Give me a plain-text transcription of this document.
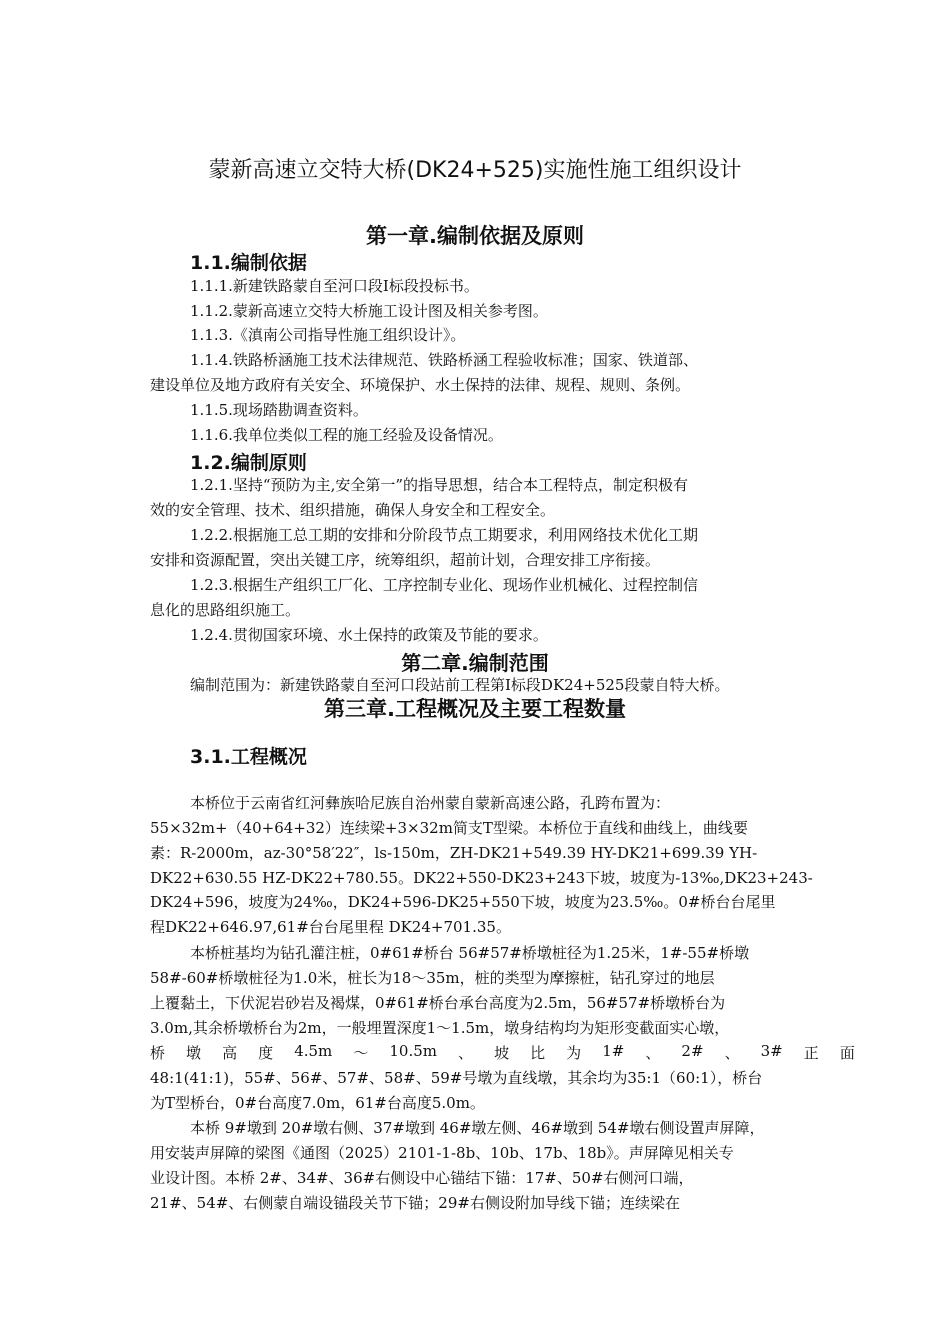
蒙新高速立交特大桥(DK24+525)实施性施工组织设计
第一章.编制依据及原则
1.1.编制依据
1.1.1.新建铁路蒙自至河口段Ⅰ标段投标书。
1.1.2.蒙新高速立交特大桥施工设计图及相关参考图。
1.1.3.《滇南公司指导性施工组织设计》。
1.1.4.铁路桥涵施工技术法律规范、铁路桥涵工程验收标准；国家、铁道部、
建设单位及地方政府有关安全、环境保护、水土保持的法律、规程、规则、条例。
1.1.5.现场踏勘调查资料。
1.1.6.我单位类似工程的施工经验及设备情况。
1.2.编制原则
1.2.1.坚持“预防为主,安全第一”的指导思想，结合本工程特点，制定积极有
效的安全管理、技术、组织措施，确保人身安全和工程安全。
1.2.2.根据施工总工期的安排和分阶段节点工期要求，利用网络技术优化工期
安排和资源配置，突出关键工序，统筹组织，超前计划，合理安排工序衔接。
1.2.3.根据生产组织工厂化、工序控制专业化、现场作业机械化、过程控制信
息化的思路组织施工。
1.2.4.贯彻国家环境、水土保持的政策及节能的要求。
第二章.编制范围
编制范围为：新建铁路蒙自至河口段站前工程第Ⅰ标段DK24+525段蒙自特大桥。
第三章.工程概况及主要工程数量
3.1.工程概况
本桥位于云南省红河彝族哈尼族自治州蒙自蒙新高速公路，孔跨布置为：
55×32m+（40+64+32）连续梁+3×32m简支T型梁。本桥位于直线和曲线上，曲线要
素：R-2000m，az-30°58′22″，ls-150m，ZH-DK21+549.39 HY-DK21+699.39 YH-
DK22+630.55 HZ-DK22+780.55。DK22+550-DK23+243下坡，坡度为-13‰,DK23+243-
DK24+596，坡度为24‰，DK24+596-DK25+550下坡，坡度为23.5‰。0#桥台台尾里
程DK22+646.97,61#台台尾里程 DK24+701.35。
本桥桩基均为钻孔灌注桩，0#61#桥台 56#57#桥墩桩径为1.25米，1#-55#桥墩
58#-60#桥墩桩径为1.0米，桩长为18～35m，桩的类型为摩擦桩，钻孔穿过的地层
上覆黏土，下伏泥岩砂岩及褐煤，0#61#桥台承台高度为2.5m，56#57#桥墩桥台为
3.0m,其余桥墩桥台为2m，一般埋置深度1～1.5m，墩身结构均为矩形变截面实心墩，
桥 墩 高 度 4.5m ～ 10.5m 、 坡 比 为 1# 、 2# 、 3# 正 面
48:1(41:1)，55#、56#、57#、58#、59#号墩为直线墩，其余均为35:1（60:1），桥台
为T型桥台，0#台高度7.0m，61#台高度5.0m。
本桥 9#墩到 20#墩右侧、37#墩到 46#墩左侧、46#墩到 54#墩右侧设置声屏障，
用安装声屏障的梁图《通图（2025）2101-1-8b、10b、17b、18b》。声屏障见相关专
业设计图。本桥 2#、34#、36#右侧设中心锚结下锚：17#、50#右侧河口端，
21#、54#、右侧蒙自端设锚段关节下锚；29#右侧设附加导线下锚；连续梁在
